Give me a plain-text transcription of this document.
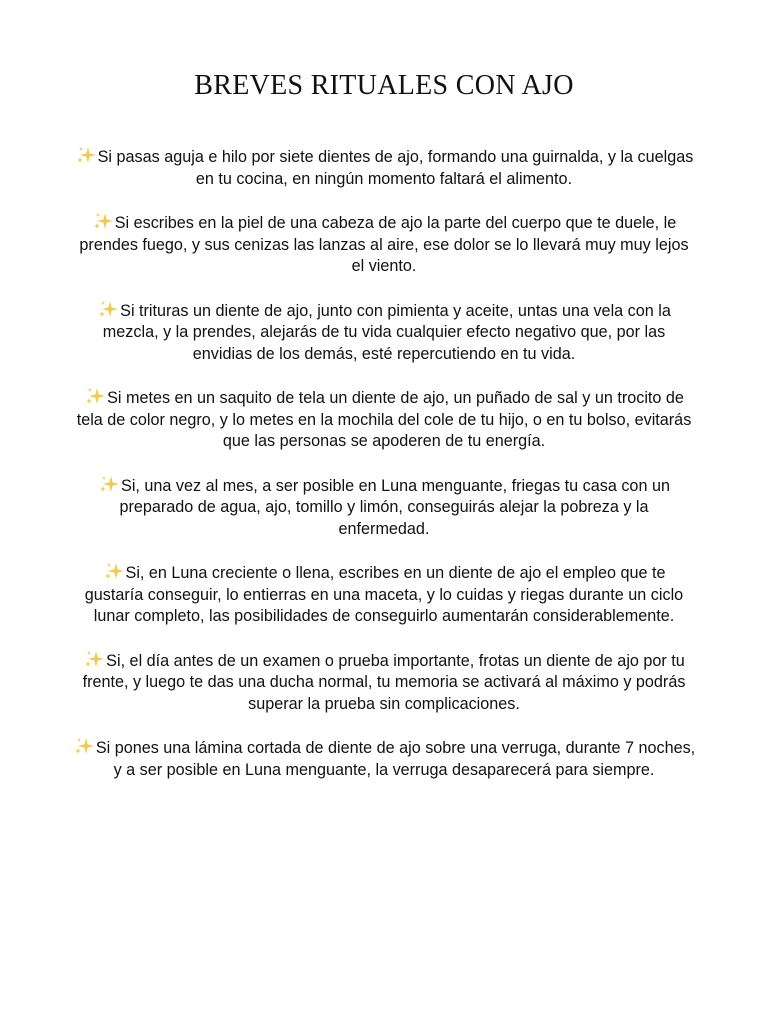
BREVES RITUALES CON AJO

Si pasas aguja e hilo por siete dientes de ajo, formando una guirnalda, y la cuelgas en tu cocina, en ningún momento faltará el alimento.

Si escribes en la piel de una cabeza de ajo la parte del cuerpo que te duele, le prendes fuego, y sus cenizas las lanzas al aire, ese dolor se lo llevará muy muy lejos el viento.

Si trituras un diente de ajo, junto con pimienta y aceite, untas una vela con la mezcla, y la prendes, alejarás de tu vida cualquier efecto negativo que, por las envidias de los demás, esté repercutiendo en tu vida.

Si metes en un saquito de tela un diente de ajo, un puñado de sal y un trocito de tela de color negro, y lo metes en la mochila del cole de tu hijo, o en tu bolso, evitarás que las personas se apoderen de tu energía.

Si, una vez al mes, a ser posible en Luna menguante, friegas tu casa con un preparado de agua, ajo, tomillo y limón, conseguirás alejar la pobreza y la enfermedad.

Si, en Luna creciente o llena, escribes en un diente de ajo el empleo que te gustaría conseguir, lo entierras en una maceta, y lo cuidas y riegas durante un ciclo lunar completo, las posibilidades de conseguirlo aumentarán considerablemente.

Si, el día antes de un examen o prueba importante, frotas un diente de ajo por tu frente, y luego te das una ducha normal, tu memoria se activará al máximo y podrás superar la prueba sin complicaciones.

Si pones una lámina cortada de diente de ajo sobre una verruga, durante 7 noches, y a ser posible en Luna menguante, la verruga desaparecerá para siempre.
